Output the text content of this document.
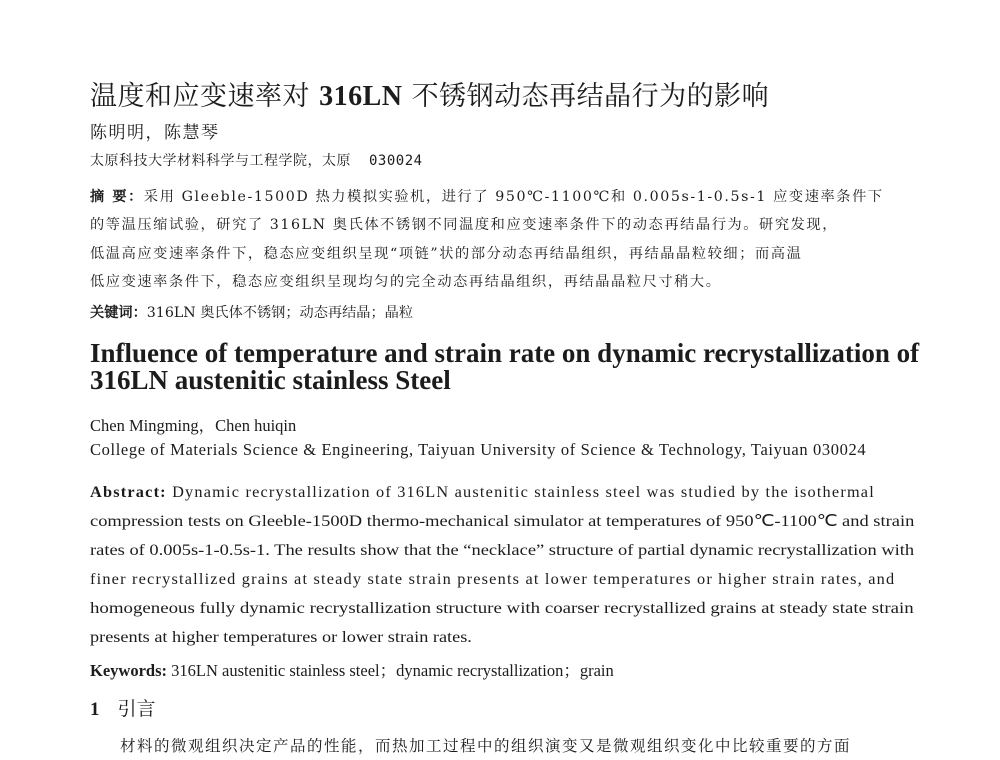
温度和应变速率对 316LN 不锈钢动态再结晶行为的影响
陈明明，陈慧琴
太原科技大学材料科学与工程学院，太原 030024
摘 要：采用 Gleeble-1500D 热力模拟实验机，进行了 950℃-1100℃和 0.005s-1-0.5s-1 应变速率条件下
的等温压缩试验，研究了 316LN 奥氏体不锈钢不同温度和应变速率条件下的动态再结晶行为。研究发现，
低温高应变速率条件下，稳态应变组织呈现“项链”状的部分动态再结晶组织，再结晶晶粒较细；而高温
低应变速率条件下，稳态应变组织呈现均匀的完全动态再结晶组织，再结晶晶粒尺寸稍大。
关键词：316LN 奥氏体不锈钢；动态再结晶；晶粒
Influence of temperature and strain rate on dynamic recrystallization of 316LN austenitic stainless Steel
Chen Mingming，Chen huiqin
College of Materials Science & Engineering, Taiyuan University of Science & Technology, Taiyuan 030024
Abstract: Dynamic recrystallization of 316LN austenitic stainless steel was studied by the isothermal
compression tests on Gleeble-1500D thermo-mechanical simulator at temperatures of 950℃-1100℃ and strain
rates of 0.005s-1-0.5s-1. The results show that the “necklace” structure of partial dynamic recrystallization with
finer recrystallized grains at steady state strain presents at lower temperatures or higher strain rates, and
homogeneous fully dynamic recrystallization structure with coarser recrystallized grains at steady state strain
presents at higher temperatures or lower strain rates.
Keywords: 316LN austenitic stainless steel；dynamic recrystallization；grain
1 引言
材料的微观组织决定产品的性能，而热加工过程中的组织演变又是微观组织变化中比较重要的方面
